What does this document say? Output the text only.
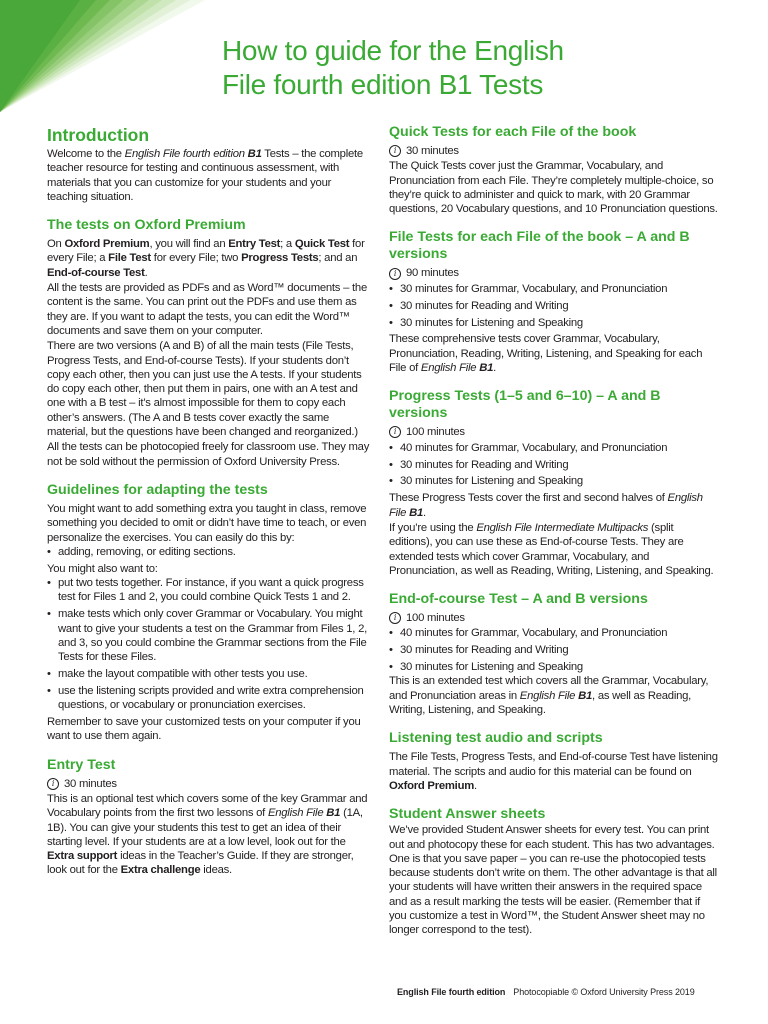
How to guide for the English
File fourth edition B1 Tests
Introduction

Welcome to the English File fourth edition B1 Tests – the complete teacher resource for testing and continuous assessment, with materials that you can customize for your students and your teaching situation.

The tests on Oxford Premium

On Oxford Premium, you will find an Entry Test; a Quick Test for every File; a File Test for every File; two Progress Tests; and an End-of-course Test.

All the tests are provided as PDFs and as Word™ documents – the content is the same. You can print out the PDFs and use them as they are. If you want to adapt the tests, you can edit the Word™ documents and save them on your computer.

There are two versions (A and B) of all the main tests (File Tests, Progress Tests, and End-of-course Tests). If your students don’t copy each other, then you can just use the A tests. If your students do copy each other, then put them in pairs, one with an A test and one with a B test – it’s almost impossible for them to copy each other’s answers. (The A and B tests cover exactly the same material, but the questions have been changed and reorganized.)

All the tests can be photocopied freely for classroom use. They may not be sold without the permission of Oxford University Press.

Guidelines for adapting the tests

You might want to add something extra you taught in class, remove something you decided to omit or didn’t have time to teach, or even personalize the exercises. You can easily do this by:

• adding, removing, or editing sections.

You might also want to:

• put two tests together. For instance, if you want a quick progress test for Files 1 and 2, you could combine Quick Tests 1 and 2.
• make tests which only cover Grammar or Vocabulary. You might want to give your students a test on the Grammar from Files 1, 2, and 3, so you could combine the Grammar sections from the File Tests for these Files.
• make the layout compatible with other tests you use.
• use the listening scripts provided and write extra comprehension questions, or vocabulary or pronunciation exercises.

Remember to save your customized tests on your computer if you want to use them again.

Entry Test
i 30 minutes

This is an optional test which covers some of the key Grammar and Vocabulary points from the first two lessons of English File B1 (1A, 1B). You can give your students this test to get an idea of their starting level. If your students are at a low level, look out for the Extra support ideas in the Teacher’s Guide. If they are stronger, look out for the Extra challenge ideas.

Quick Tests for each File of the book
i 30 minutes

The Quick Tests cover just the Grammar, Vocabulary, and Pronunciation from each File. They’re completely multiple-choice, so they’re quick to administer and quick to mark, with 20 Grammar questions, 20 Vocabulary questions, and 10 Pronunciation questions.

File Tests for each File of the book – A and B versions
i 90 minutes
• 30 minutes for Grammar, Vocabulary, and Pronunciation
• 30 minutes for Reading and Writing
• 30 minutes for Listening and Speaking

These comprehensive tests cover Grammar, Vocabulary, Pronunciation, Reading, Writing, Listening, and Speaking for each File of English File B1.

Progress Tests (1–5 and 6–10) – A and B versions
i 100 minutes
• 40 minutes for Grammar, Vocabulary, and Pronunciation
• 30 minutes for Reading and Writing
• 30 minutes for Listening and Speaking

These Progress Tests cover the first and second halves of English File B1.

If you’re using the English File Intermediate Multipacks (split editions), you can use these as End-of-course Tests. They are extended tests which cover Grammar, Vocabulary, and Pronunciation, as well as Reading, Writing, Listening, and Speaking.

End-of-course Test – A and B versions
i 100 minutes
• 40 minutes for Grammar, Vocabulary, and Pronunciation
• 30 minutes for Reading and Writing
• 30 minutes for Listening and Speaking

This is an extended test which covers all the Grammar, Vocabulary, and Pronunciation areas in English File B1, as well as Reading, Writing, Listening, and Speaking.

Listening test audio and scripts

The File Tests, Progress Tests, and End-of-course Test have listening material. The scripts and audio for this material can be found on Oxford Premium.

Student Answer sheets

We’ve provided Student Answer sheets for every test. You can print out and photocopy these for each student. This has two advantages. One is that you save paper – you can re-use the photocopied tests because students don’t write on them. The other advantage is that all your students will have written their answers in the required space and as a result marking the tests will be easier. (Remember that if you customize a test in Word™, the Student Answer sheet may no longer correspond to the test).

English File fourth edition Photocopiable © Oxford University Press 2019
